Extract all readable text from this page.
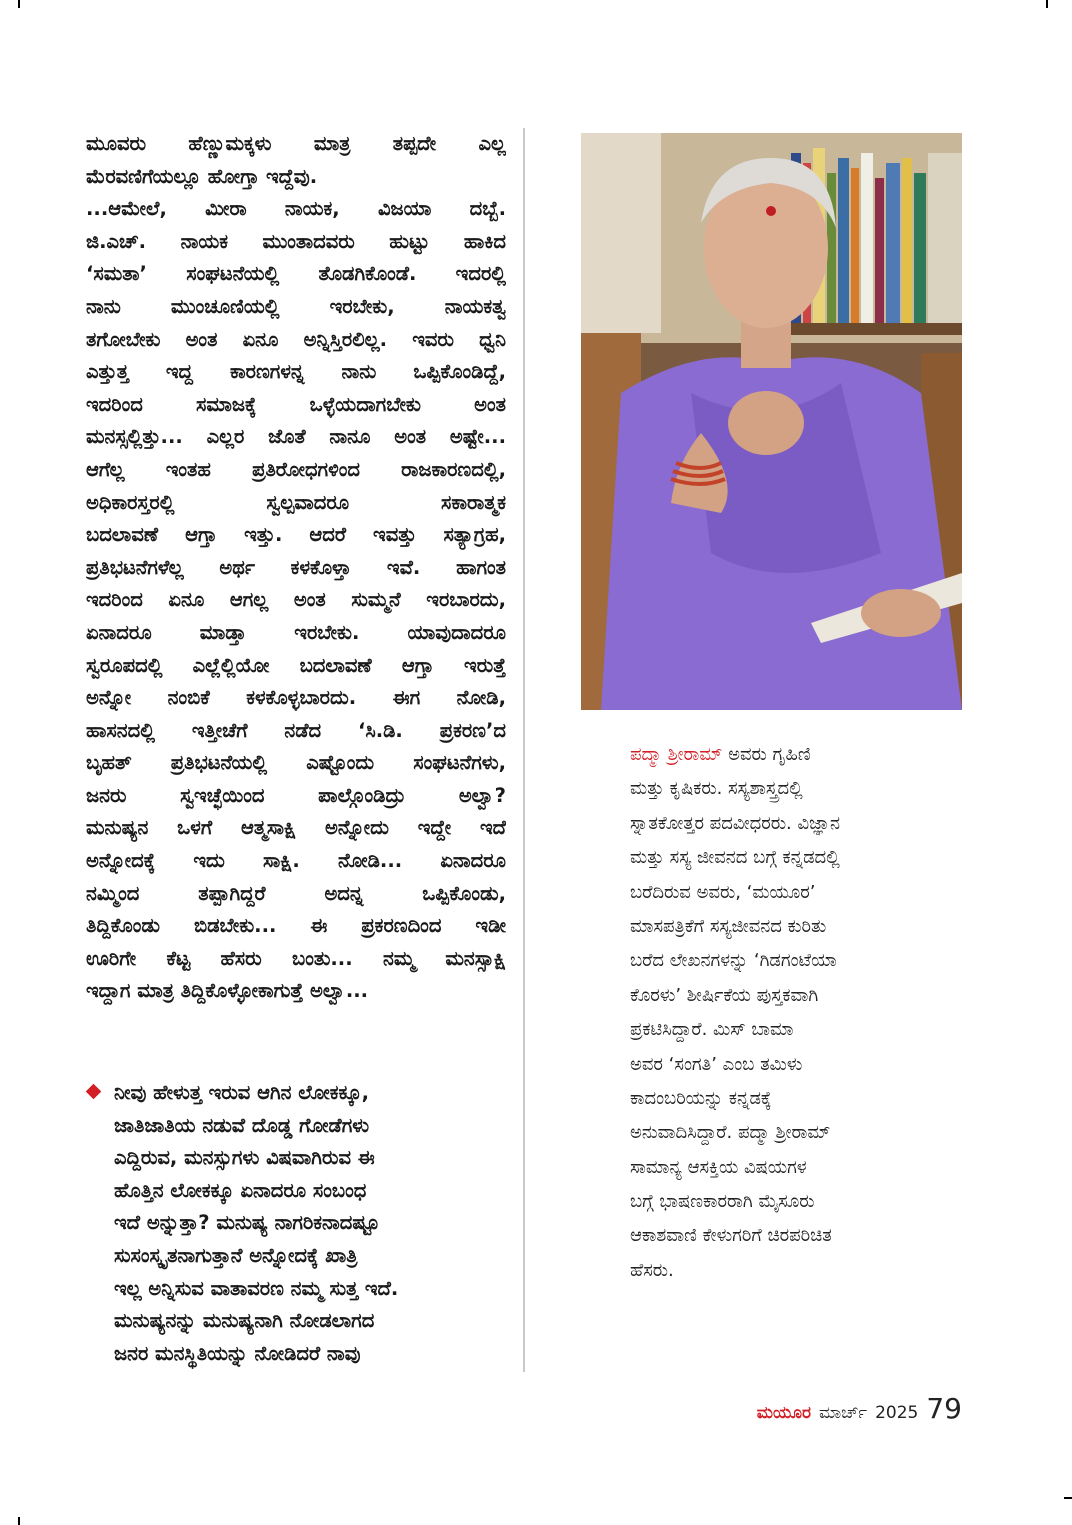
ಮೂವರು ಹೆಣ್ಣುಮಕ್ಕಳು ಮಾತ್ರ ತಪ್ಪದೇ ಎಲ್ಲ
ಮೆರವಣಿಗೆಯಲ್ಲೂ ಹೋಗ್ತಾ ಇದ್ದೆವು.
...ಆಮೇಲೆ, ಮೀರಾ ನಾಯಕ, ವಿಜಯಾ ದಬ್ಬೆ.
ಜಿ.ಎಚ್. ನಾಯಕ ಮುಂತಾದವರು ಹುಟ್ಟು ಹಾಕಿದ
‘ಸಮತಾ’ ಸಂಘಟನೆಯಲ್ಲಿ ತೊಡಗಿಕೊಂಡೆ. ಇದರಲ್ಲಿ
ನಾನು ಮುಂಚೂಣಿಯಲ್ಲಿ ಇರಬೇಕು, ನಾಯಕತ್ವ
ತಗೋಬೇಕು ಅಂತ ಏನೂ ಅನ್ನಿಸ್ತಿರಲಿಲ್ಲ. ಇವರು ಧ್ವನಿ
ಎತ್ತುತ್ತ ಇದ್ದ ಕಾರಣಗಳನ್ನ ನಾನು ಒಪ್ಪಿಕೊಂಡಿದ್ದೆ,
ಇದರಿಂದ ಸಮಾಜಕ್ಕೆ ಒಳ್ಳೆಯದಾಗಬೇಕು ಅಂತ
ಮನಸ್ಸಲ್ಲಿತ್ತು... ಎಲ್ಲರ ಜೊತೆ ನಾನೂ ಅಂತ ಅಷ್ಟೇ...
ಆಗೆಲ್ಲ ಇಂತಹ ಪ್ರತಿರೋಧಗಳಿಂದ ರಾಜಕಾರಣದಲ್ಲಿ,
ಅಧಿಕಾರಸ್ತರಲ್ಲಿ ಸ್ವಲ್ಪವಾದರೂ ಸಕಾರಾತ್ಮಕ
ಬದಲಾವಣೆ ಆಗ್ತಾ ಇತ್ತು. ಆದರೆ ಇವತ್ತು ಸತ್ಯಾಗ್ರಹ,
ಪ್ರತಿಭಟನೆಗಳೆಲ್ಲ ಅರ್ಥ ಕಳಕೊಳ್ತಾ ಇವೆ. ಹಾಗಂತ
ಇದರಿಂದ ಏನೂ ಆಗಲ್ಲ ಅಂತ ಸುಮ್ಮನೆ ಇರಬಾರದು,
ಏನಾದರೂ ಮಾಡ್ತಾ ಇರಬೇಕು. ಯಾವುದಾದರೂ
ಸ್ವರೂಪದಲ್ಲಿ ಎಲ್ಲೆಲ್ಲಿಯೋ ಬದಲಾವಣೆ ಆಗ್ತಾ ಇರುತ್ತೆ
ಅನ್ನೋ ನಂಬಿಕೆ ಕಳಕೊಳ್ಳಬಾರದು. ಈಗ ನೋಡಿ,
ಹಾಸನದಲ್ಲಿ ಇತ್ತೀಚೆಗೆ ನಡೆದ ‘ಸಿ.ಡಿ. ಪ್ರಕರಣ’ದ
ಬೃಹತ್ ಪ್ರತಿಭಟನೆಯಲ್ಲಿ ಎಷ್ಟೊಂದು ಸಂಘಟನೆಗಳು,
ಜನರು ಸ್ವಇಚ್ಛೆಯಿಂದ ಪಾಲ್ಗೊಂಡಿದ್ರು ಅಲ್ವಾ?
ಮನುಷ್ಯನ ಒಳಗೆ ಆತ್ಮಸಾಕ್ಷಿ ಅನ್ನೋದು ಇದ್ದೇ ಇದೆ
ಅನ್ನೋದಕ್ಕೆ ಇದು ಸಾಕ್ಷಿ. ನೋಡಿ... ಏನಾದರೂ
ನಮ್ಮಿಂದ ತಪ್ಪಾಗಿದ್ದರೆ ಅದನ್ನ ಒಪ್ಪಿಕೊಂಡು,
ತಿದ್ದಿಕೊಂಡು ಬಿಡಬೇಕು... ಈ ಪ್ರಕರಣದಿಂದ ಇಡೀ
ಊರಿಗೇ ಕೆಟ್ಟ ಹೆಸರು ಬಂತು... ನಮ್ಮ ಮನಸ್ಸಾಕ್ಷಿ
ಇದ್ದಾಗ ಮಾತ್ರ ತಿದ್ದಿಕೊಳ್ಳೋಕಾಗುತ್ತೆ ಅಲ್ವಾ...
ನೀವು ಹೇಳುತ್ತ ಇರುವ ಆಗಿನ ಲೋಕಕ್ಕೂ,
ಜಾತಿಜಾತಿಯ ನಡುವೆ ದೊಡ್ಡ ಗೋಡೆಗಳು
ಎದ್ದಿರುವ, ಮನಸ್ಸುಗಳು ವಿಷವಾಗಿರುವ ಈ
ಹೊತ್ತಿನ ಲೋಕಕ್ಕೂ ಏನಾದರೂ ಸಂಬಂಧ
ಇದೆ ಅನ್ನುತ್ತಾ? ಮನುಷ್ಯ ನಾಗರಿಕನಾದಷ್ಟೂ
ಸುಸಂಸ್ಕೃತನಾಗುತ್ತಾನೆ ಅನ್ನೋದಕ್ಕೆ ಖಾತ್ರಿ
ಇಲ್ಲ ಅನ್ನಿಸುವ ವಾತಾವರಣ ನಮ್ಮ ಸುತ್ತ ಇದೆ.
ಮನುಷ್ಯನನ್ನು ಮನುಷ್ಯನಾಗಿ ನೋಡಲಾಗದ
ಜನರ ಮನಸ್ಥಿತಿಯನ್ನು ನೋಡಿದರೆ ನಾವು
ಪದ್ಮಾ ಶ್ರೀರಾಮ್ ಅವರು ಗೃಹಿಣಿ
ಮತ್ತು ಕೃಷಿಕರು. ಸಸ್ಯಶಾಸ್ತ್ರದಲ್ಲಿ
ಸ್ನಾತಕೋತ್ತರ ಪದವೀಧರರು. ವಿಜ್ಞಾನ
ಮತ್ತು ಸಸ್ಯ ಜೀವನದ ಬಗ್ಗೆ ಕನ್ನಡದಲ್ಲಿ
ಬರೆದಿರುವ ಅವರು, ‘ಮಯೂರ’
ಮಾಸಪತ್ರಿಕೆಗೆ ಸಸ್ಯಜೀವನದ ಕುರಿತು
ಬರೆದ ಲೇಖನಗಳನ್ನು ‘ಗಿಡಗಂಟೆಯಾ
ಕೊರಳು’ ಶೀರ್ಷಿಕೆಯ ಪುಸ್ತಕವಾಗಿ
ಪ್ರಕಟಿಸಿದ್ದಾರೆ. ಮಿಸ್ ಬಾಮಾ
ಅವರ ‘ಸಂಗತಿ’ ಎಂಬ ತಮಿಳು
ಕಾದಂಬರಿಯನ್ನು ಕನ್ನಡಕ್ಕೆ
ಅನುವಾದಿಸಿದ್ದಾರೆ. ಪದ್ಮಾ ಶ್ರೀರಾಮ್
ಸಾಮಾನ್ಯ ಆಸಕ್ತಿಯ ವಿಷಯಗಳ
ಬಗ್ಗೆ ಭಾಷಣಕಾರರಾಗಿ ಮೈಸೂರು
ಆಕಾಶವಾಣಿ ಕೇಳುಗರಿಗೆ ಚಿರಪರಿಚಿತ
ಹೆಸರು.
ಮಯೂರ ಮಾರ್ಚ್ 2025 79
